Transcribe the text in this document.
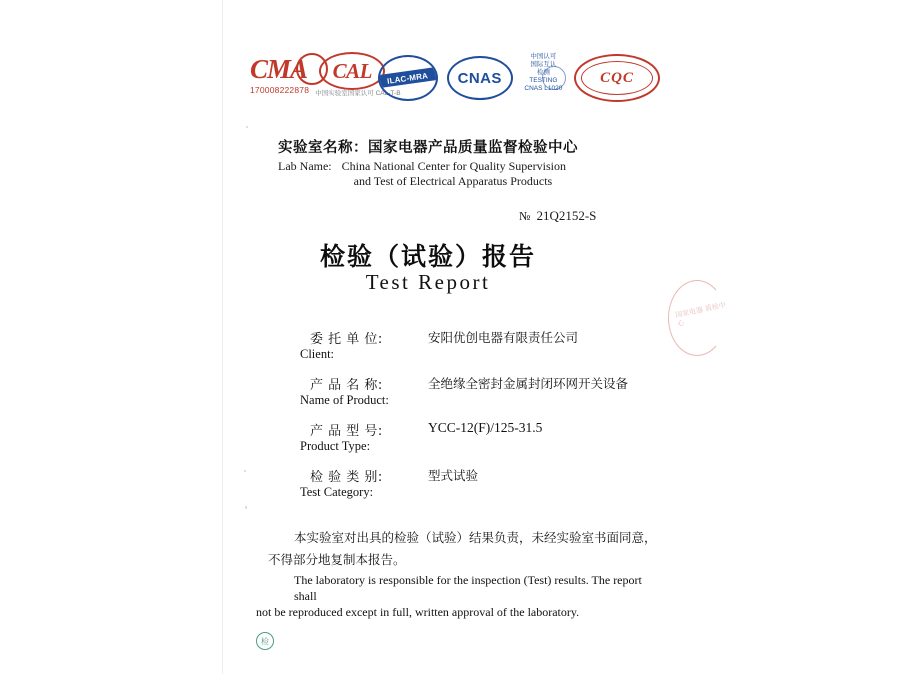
CMA
170008222878
CAL
中国实验室国家认可 CAL-T-B
ILAC-MRA CNAS
中国认可
国际互认
检测
TESTING
CNAS L1020
CQC
实验室名称：国家电器产品质量监督检验中心
Lab Name: China National Center for Quality Supervision
and Test of Electrical Apparatus Products
№ 21Q2152-S
检验（试验）报告
Test Report
国家电器 质检中心
委 托 单 位:
Client:
安阳优创电器有限责任公司
产 品 名 称:
Name of Product:
全绝缘全密封金属封闭环网开关设备
产 品 型 号:
Product Type:
YCC-12(F)/125-31.5
检 验 类 别:
Test Category:
型式试验
本实验室对出具的检验（试验）结果负责，未经实验室书面同意，
不得部分地复制本报告。
The laboratory is responsible for the inspection (Test) results. The report shall
not be reproduced except in full, written approval of the laboratory.
检
